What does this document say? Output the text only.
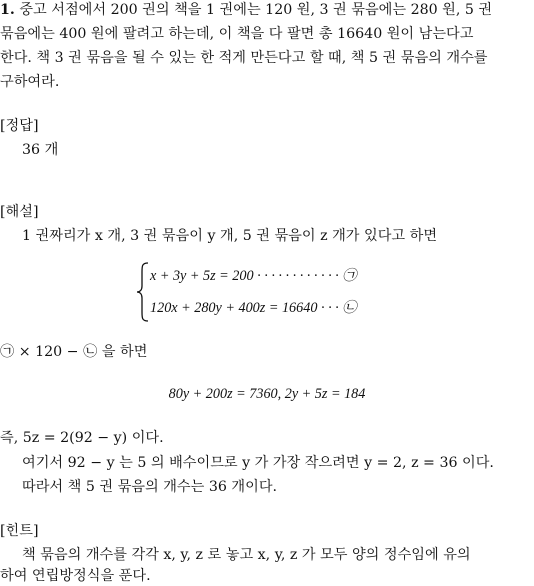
1. 중고 서점에서 200 권의 책을 1 권에는 120 원, 3 권 묶음에는 280 원, 5 권
묶음에는 400 원에 팔려고 하는데, 이 책을 다 팔면 총 16640 원이 남는다고
한다. 책 3 권 묶음을 될 수 있는 한 적게 만든다고 할 때, 책 5 권 묶음의 개수를
구하여라.
[정답]
36 개
[해설]
1 권짜리가 x 개, 3 권 묶음이 y 개, 5 권 묶음이 z 개가 있다고 하면
x + 3y + 5z = 200 · · · · · · · · · · · · ㉠
120x + 280y + 400z = 16640 · · · ㉡
㉠ × 120 − ㉡ 을 하면
80y + 200z = 7360, 2y + 5z = 184
즉, 5z = 2(92 − y) 이다.
여기서 92 − y 는 5 의 배수이므로 y 가 가장 작으려면 y = 2, z = 36 이다.
따라서 책 5 권 묶음의 개수는 36 개이다.
[힌트]
책 묶음의 개수를 각각 x, y, z 로 놓고 x, y, z 가 모두 양의 정수임에 유의
하여 연립방정식을 푼다.
